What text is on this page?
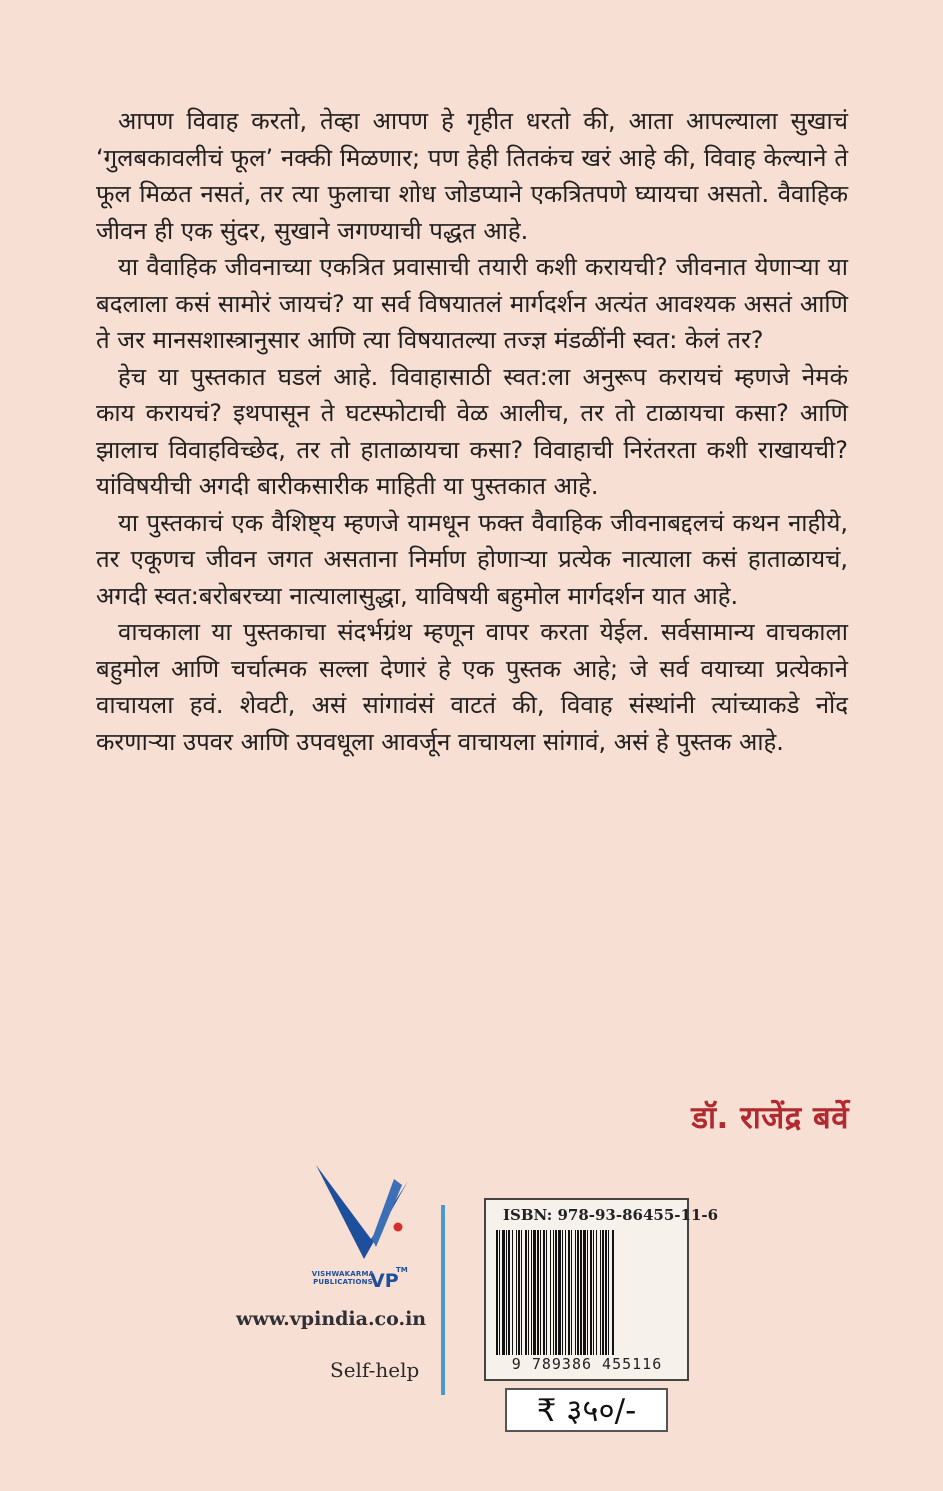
आपण विवाह करतो, तेव्हा आपण हे गृहीत धरतो की, आता आपल्याला सुखाचं ‘गुलबकावलीचं फूल’ नक्की मिळणार; पण हेही तितकंच खरं आहे की, विवाह केल्याने ते फूल मिळत नसतं, तर त्या फुलाचा शोध जोडप्याने एकत्रितपणे घ्यायचा असतो. वैवाहिक जीवन ही एक सुंदर, सुखाने जगण्याची पद्धत आहे.

या वैवाहिक जीवनाच्या एकत्रित प्रवासाची तयारी कशी करायची? जीवनात येणाऱ्या या बदलाला कसं सामोरं जायचं? या सर्व विषयातलं मार्गदर्शन अत्यंत आवश्यक असतं आणि ते जर मानसशास्त्रानुसार आणि त्या विषयातल्या तज्ज्ञ मंडळींनी स्वत: केलं तर?

हेच या पुस्तकात घडलं आहे. विवाहासाठी स्वत:ला अनुरूप करायचं म्हणजे नेमकं काय करायचं? इथपासून ते घटस्फोटाची वेळ आलीच, तर तो टाळायचा कसा? आणि झालाच विवाहविच्छेद, तर तो हाताळायचा कसा? विवाहाची निरंतरता कशी राखायची? यांविषयीची अगदी बारीकसारीक माहिती या पुस्तकात आहे.

या पुस्तकाचं एक वैशिष्ट्य म्हणजे यामधून फक्त वैवाहिक जीवनाबद्दलचं कथन नाहीये, तर एकूणच जीवन जगत असताना निर्माण होणाऱ्या प्रत्येक नात्याला कसं हाताळायचं, अगदी स्वत:बरोबरच्या नात्यालासुद्धा, याविषयी बहुमोल मार्गदर्शन यात आहे.

वाचकाला या पुस्तकाचा संदर्भग्रंथ म्हणून वापर करता येईल. सर्वसामान्य वाचकाला बहुमोल आणि चर्चात्मक सल्ला देणारं हे एक पुस्तक आहे; जे सर्व वयाच्या प्रत्येकाने वाचायला हवं. शेवटी, असं सांगावंसं वाटतं की, विवाह संस्थांनी त्यांच्याकडे नोंद करणाऱ्या उपवर आणि उपवधूला आवर्जून वाचायला सांगावं, असं हे पुस्तक आहे.

डॉ. राजेंद्र बर्वे
VISHWAKARMA PUBLICATIONS
VP
TM
www.vpindia.co.in
Self-help
ISBN: 978-93-86455-11-6
9 789386 455116
₹ ३५०/-
